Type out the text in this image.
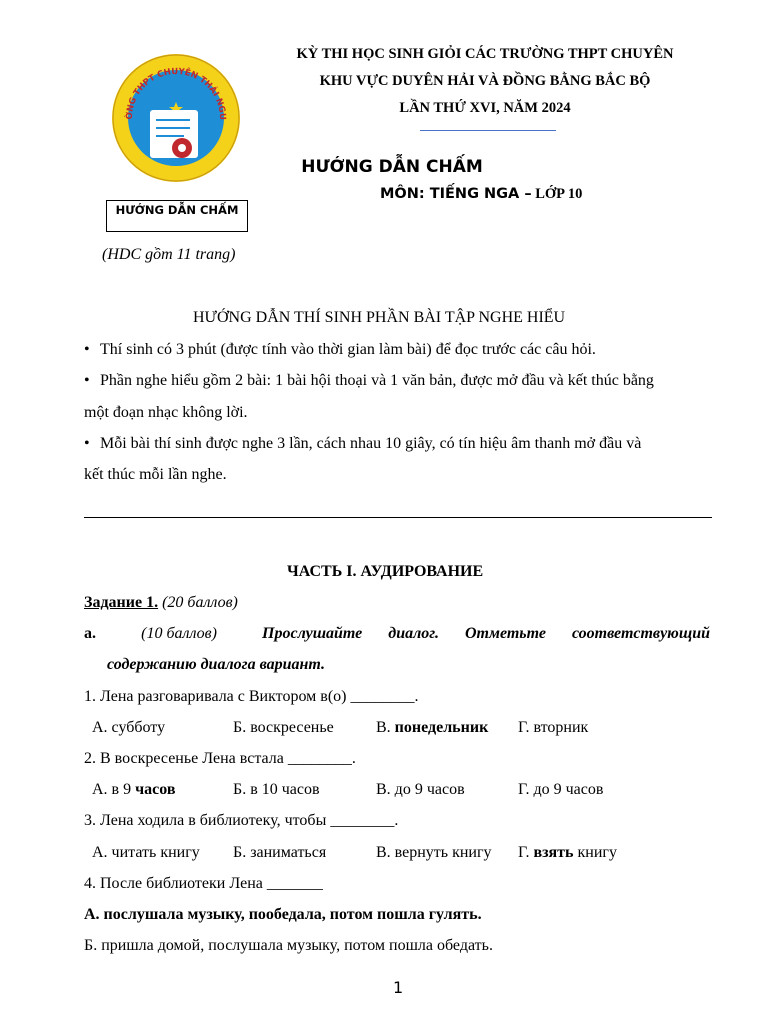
KỲ THI HỌC SINH GIỎI CÁC TRƯỜNG THPT CHUYÊN
KHU VỰC DUYÊN HẢI VÀ ĐỒNG BẰNG BẮC BỘ
LẦN THỨ XVI, NĂM 2024
ỜNG THPT CHUYÊN THÁI NGU
HƯỚNG DẪN CHẤM
(HDC gồm 11 trang)
HƯỚNG DẪN CHẤM
MÔN: TIẾNG NGA – LỚP 10
HƯỚNG DẪN THÍ SINH PHẦN BÀI TẬP NGHE HIỂU
• Thí sinh có 3 phút (được tính vào thời gian làm bài) để đọc trước các câu hỏi.
• Phần nghe hiểu gồm 2 bài: 1 bài hội thoại và 1 văn bản, được mở đầu và kết thúc bằng
một đoạn nhạc không lời.
• Mỗi bài thí sinh được nghe 3 lần, cách nhau 10 giây, có tín hiệu âm thanh mở đầu và
kết thúc mỗi lần nghe.
ЧАСТЬ I. АУДИРОВАНИЕ
Задание 1. (20 баллов)
a.	(10 баллов)	Прослушайте диалог. Отметьте соответствующий
содержанию диалога вариант.
1. Лена разговаривала с Виктором в(о) ________.
А. субботу	Б. воскресенье	В. понедельник Г. вторник
2. В воскресенье Лена встала ________.
А. в 9 часов	Б. в 10 часов	В. до 9 часов	Г. до 9 часов
3. Лена ходила в библиотеку, чтобы ________.
А. читать книгу Б. заниматься	В. вернуть книгу Г. взять книгу
4. После библиотеки Лена _______
А. послушала музыку, пообедала, потом пошла гулять.
Б. пришла домой, послушала музыку, потом пошла обедать.
1
